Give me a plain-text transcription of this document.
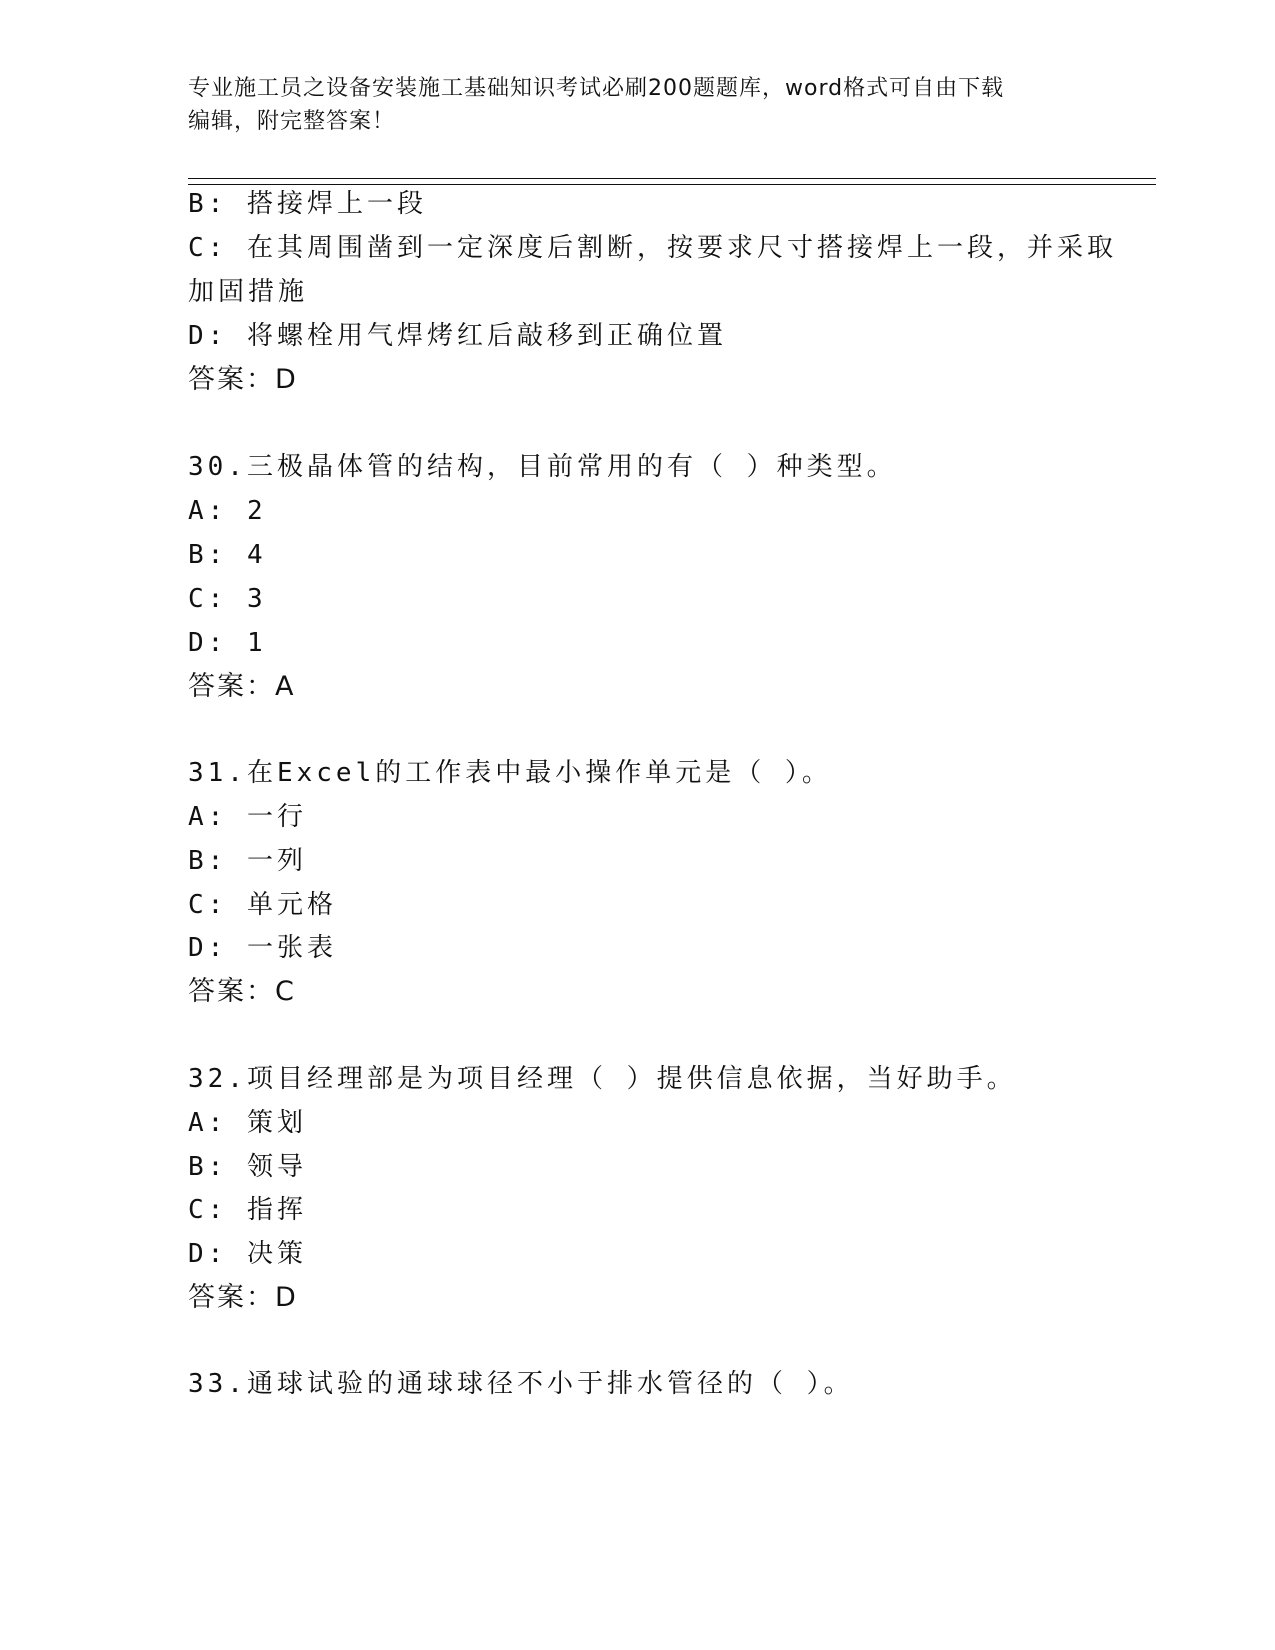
专业施工员之设备安装施工基础知识考试必刷200题题库，word格式可自由下载
编辑，附完整答案！
B: 搭接焊上一段
C: 在其周围凿到一定深度后割断，按要求尺寸搭接焊上一段，并采取
加固措施
D: 将螺栓用气焊烤红后敲移到正确位置
答案：D
30.三极晶体管的结构，目前常用的有（ ）种类型。
A: 2
B: 4
C: 3
D: 1
答案：A
31.在Excel的工作表中最小操作单元是（ ）。
A: 一行
B: 一列
C: 单元格
D: 一张表
答案：C
32.项目经理部是为项目经理（ ）提供信息依据，当好助手。
A: 策划
B: 领导
C: 指挥
D: 决策
答案：D
33.通球试验的通球球径不小于排水管径的（ ）。
